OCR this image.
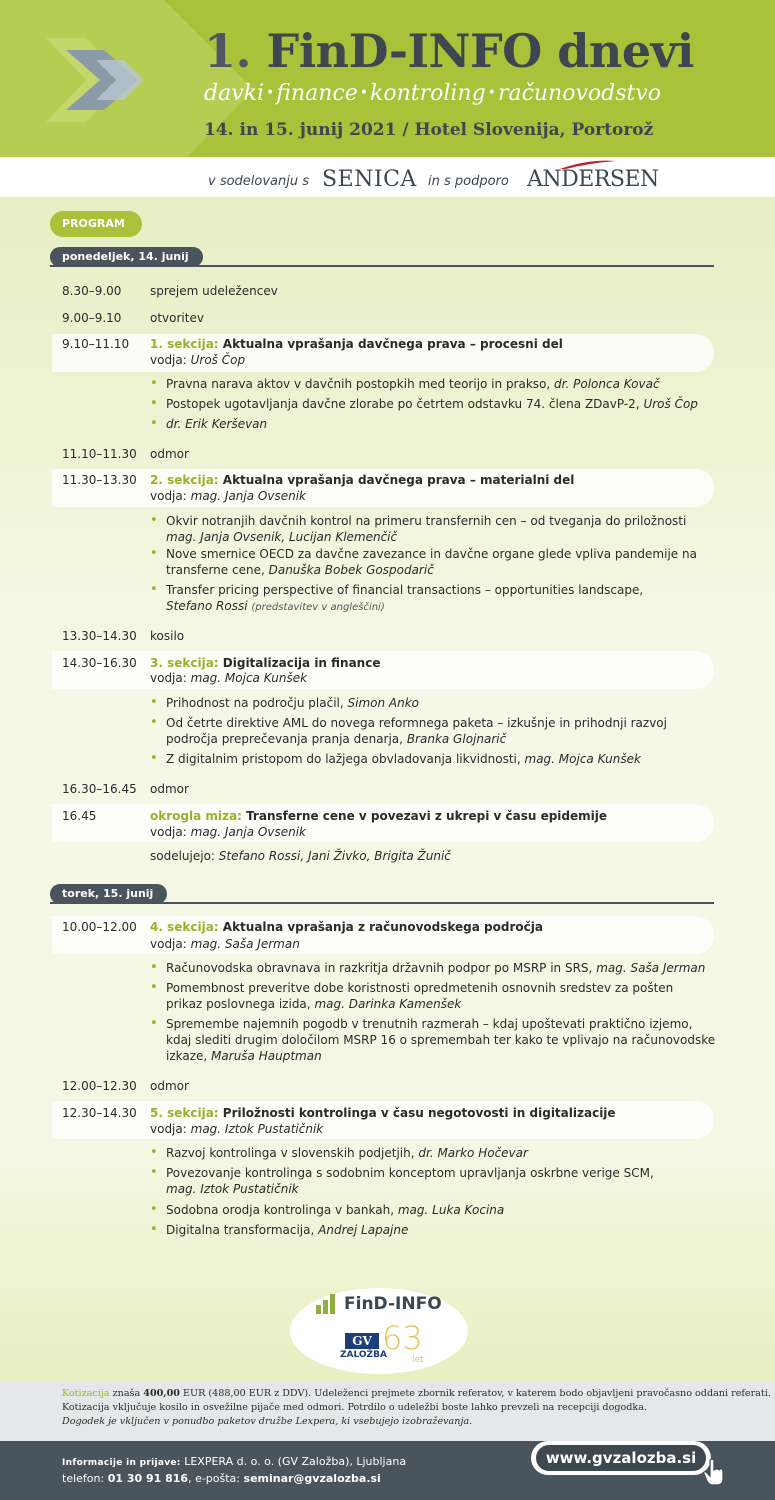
1. FinD-INFO dnevi
davki •finance •kontroling •računovodstvo
14. in 15. junij 2021 / Hotel Slovenija, Portorož
v sodelovanju s SENICA in s podporo ANDERSEN
PROGRAM
ponedeljek, 14. junij
8.30–9.00 sprejem udeležencev
9.00–9.10 otvoritev
9.10–11.10 1. sekcija: Aktualna vprašanja davčnega prava – procesni del
vodja: Uroš Čop
• Pravna narava aktov v davčnih postopkih med teorijo in prakso, dr. Polonca Kovač
• Postopek ugotavljanja davčne zlorabe po četrtem odstavku 74. člena ZDavP-2, Uroš Čop
• dr. Erik Kerševan
11.10–11.30 odmor
11.30–13.30 2. sekcija: Aktualna vprašanja davčnega prava – materialni del
vodja: mag. Janja Ovsenik
• Okvir notranjih davčnih kontrol na primeru transfernih cen – od tveganja do priložnosti
mag. Janja Ovsenik, Lucijan Klemenčič
• Nove smernice OECD za davčne zavezance in davčne organe glede vpliva pandemije na
transferne cene, Danuška Bobek Gospodarič
• Transfer pricing perspective of financial transactions – opportunities landscape,
Stefano Rossi (predstavitev v angleščini)
13.30–14.30 kosilo
14.30–16.30 3. sekcija: Digitalizacija in finance
vodja: mag. Mojca Kunšek
• Prihodnost na področju plačil, Simon Anko
• Od četrte direktive AML do novega reformnega paketa – izkušnje in prihodnji razvoj
področja preprečevanja pranja denarja, Branka Glojnarič
• Z digitalnim pristopom do lažjega obvladovanja likvidnosti, mag. Mojca Kunšek
16.30–16.45 odmor
16.45	okrogla miza: Transferne cene v povezavi z ukrepi v času epidemije
vodja: mag. Janja Ovsenik
sodelujejo: Stefano Rossi, Jani Živko, Brigita Žunič
torek, 15. junij
10.00–12.00 4. sekcija: Aktualna vprašanja z računovodskega področja
vodja: mag. Saša Jerman
• Računovodska obravnava in razkritja državnih podpor po MSRP in SRS, mag. Saša Jerman
• Pomembnost preveritve dobe koristnosti opredmetenih osnovnih sredstev za pošten
prikaz poslovnega izida, mag. Darinka Kamenšek
• Spremembe najemnih pogodb v trenutnih razmerah – kdaj upoštevati praktično izjemo,
kdaj slediti drugim določilom MSRP 16 o spremembah ter kako te vplivajo na računovodske
izkaze, Maruša Hauptman
12.00–12.30 odmor
12.30–14.30 5. sekcija: Priložnosti kontrolinga v času negotovosti in digitalizacije
vodja: mag. Iztok Pustatičnik
• Razvoj kontrolinga v slovenskih podjetjih, dr. Marko Hočevar
• Povezovanje kontrolinga s sodobnim konceptom upravljanja oskrbne verige SCM,
mag. Iztok Pustatičnik
• Sodobna orodja kontrolinga v bankah, mag. Luka Kocina
• Digitalna transformacija, Andrej Lapajne
FinD-INFO
GV
ZALOŽBA
63
let
Kotizacija znaša 400,00 EUR (488,00 EUR z DDV). Udeleženci prejmete zbornik referatov, v katerem bodo objavljeni pravočasno oddani referati.
Kotizacija vključuje kosilo in osvežilne pijače med odmori. Potrdilo o udeležbi boste lahko prevzeli na recepciji dogodka.
Dogodek je vključen v ponudbo paketov družbe Lexpera, ki vsebujejo izobraževanja.
Informacije in prijave: LEXPERA d. o. o. (GV Založba), Ljubljana
telefon: 01 30 91 816, e-pošta: seminar@gvzalozba.si
www.gvzalozba.si
